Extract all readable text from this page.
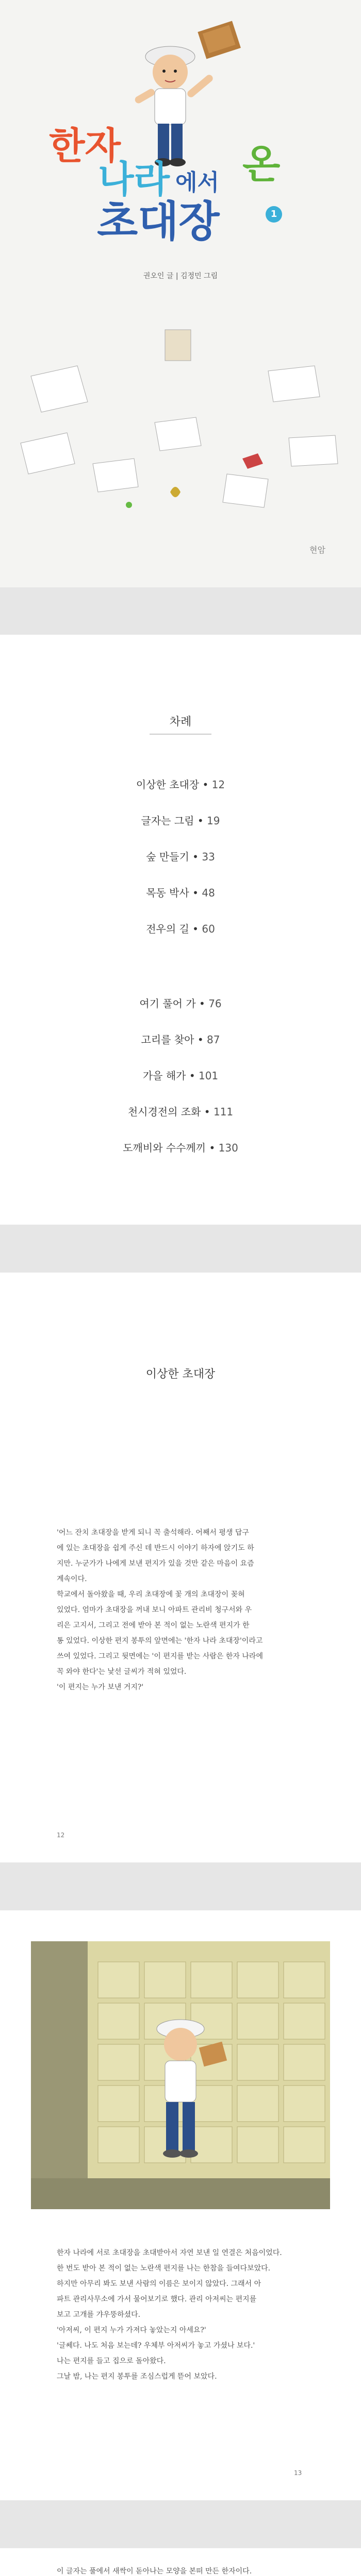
한자
나라 에서 온
초대장	1
권오인 글 | 김정민 그림
현암
차례
이상한 초대장 • 12
글자는 그림 • 19
숲 만들기 • 33
목동 박사 • 48
전우의 길 • 60
여기 풀어 가 • 76
고리를 찾아 • 87
가을 해가 • 101
천시경전의 조화 • 111
도깨비와 수수께끼 • 130
이상한 초대장
'어느 잔치 초대장을 받게 되니 꼭 출석해라. 어째서 평생 답구
에 있는 초대장을 쉽게 주신 데 반드시 이야기 하자에 앉기도 하
지만. 누군가가 나에게 보낸 편지가 있을 것만 같은 마음이 요즘
계속이다.
학교에서 돌아왔을 때, 우리 초대장에 꽃 개의 초대장이 꽂혀
있었다. 엄마가 초대장을 꺼내 보니 아파트 관리비 청구서와 우
리은 고지서, 그리고 전에 받아 본 적이 없는 노란색 편지가 한
통 있었다. 이상한 편지 봉투의 앞면에는 '한자 나라 초대장'이라고
쓰여 있었다. 그리고 뒷면에는 '이 편지를 받는 사람은 한자 나라에
꼭 와야 한다'는 낯선 글씨가 적혀 있었다.
'이 편지는 누가 보낸 거지?'
12
한자 나라에 서로 초대장을 초대받아서 자연 보낸 일 연결은 처음이었다.
한 번도 받아 본 적이 없는 노란색 편지를 나는 한참을 들여다보았다.
하지만 아무리 봐도 보낸 사람의 이름은 보이지 않았다. 그래서 아
파트 관리사무소에 가서 물어보기로 했다. 관리 아저씨는 편지를
보고 고개를 갸우뚱하셨다.
'아저씨, 이 편지 누가 가져다 놓았는지 아세요?'
'글쎄다. 나도 처음 보는데? 우체부 아저씨가 놓고 가셨나 보다.'
나는 편지를 들고 집으로 돌아왔다.
그날 밤, 나는 편지 봉투를 조심스럽게 뜯어 보았다.
13
이 글자는 풀에서 새싹이 돋아나는 모양을 본떠 만든 한자이다.
